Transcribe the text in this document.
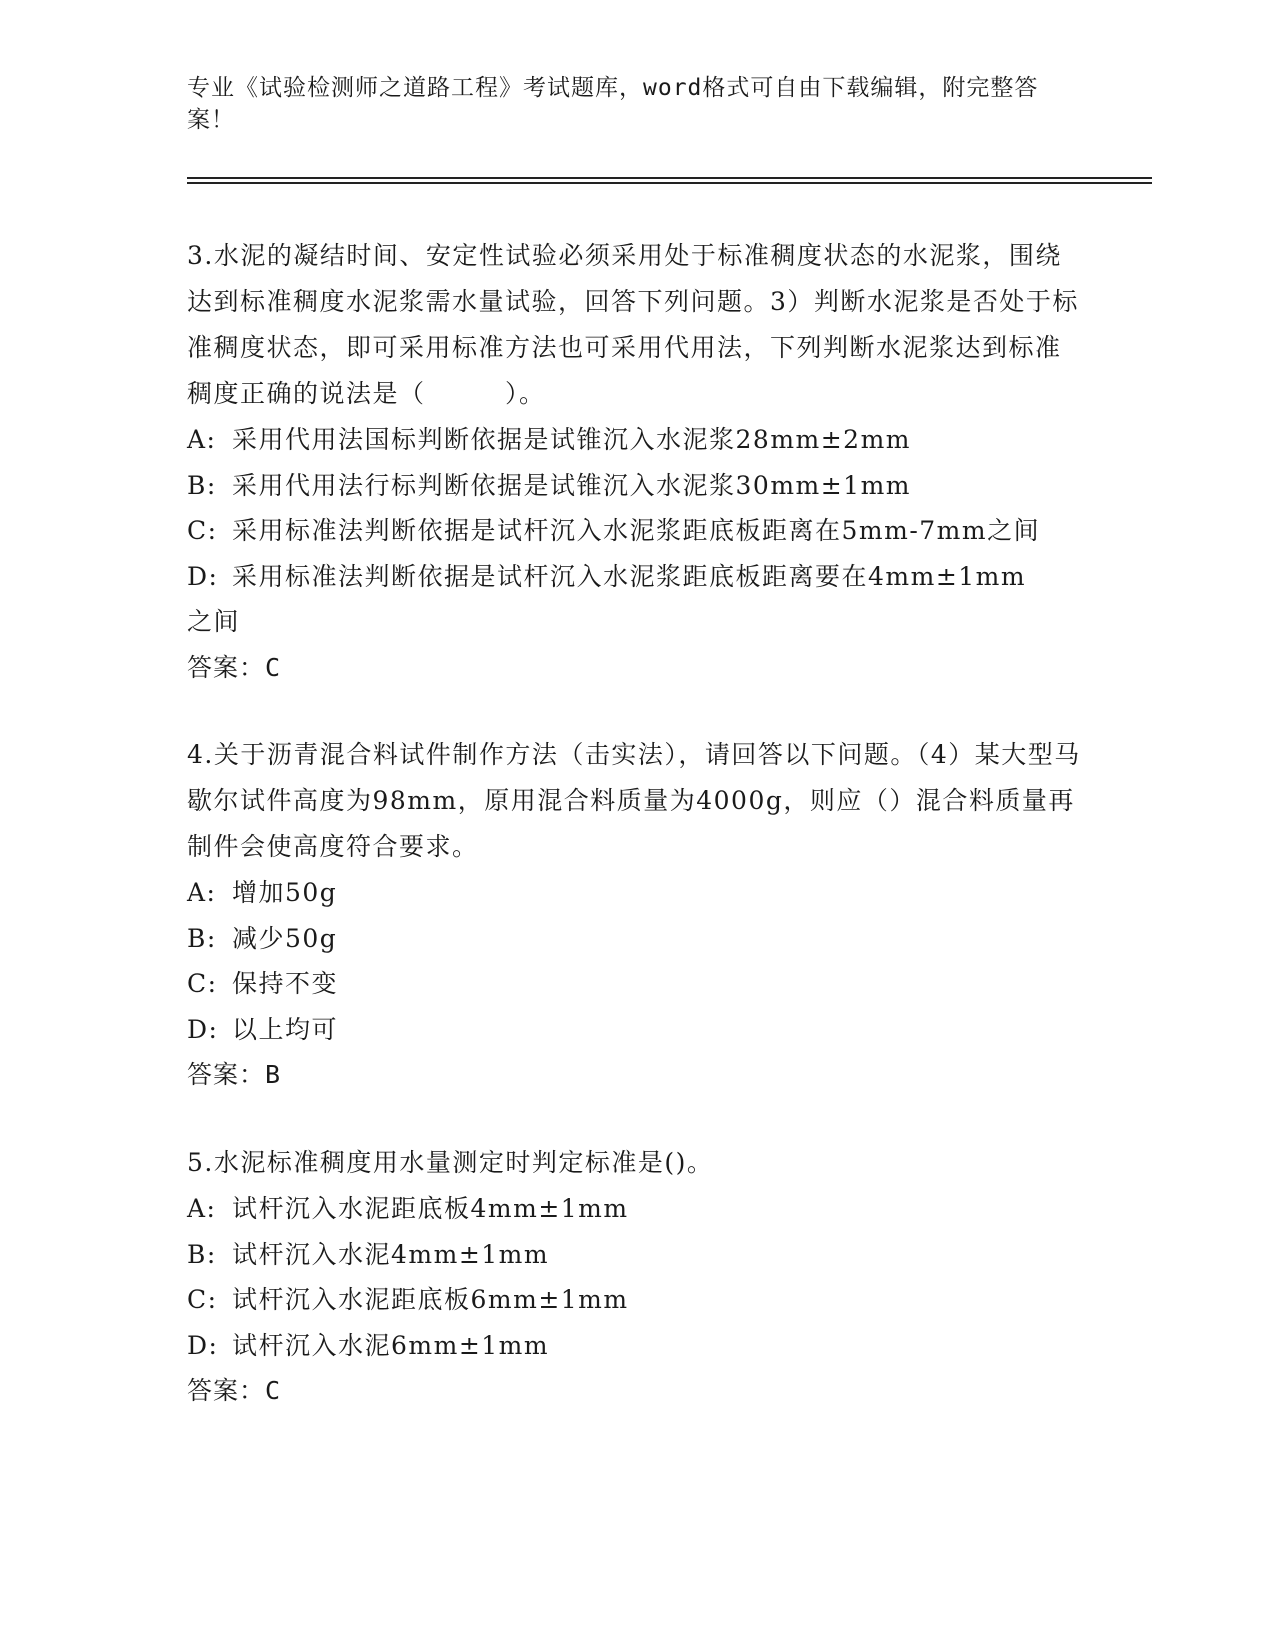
专业《试验检测师之道路工程》考试题库，word格式可自由下载编辑，附完整答案！
3.水泥的凝结时间、安定性试验必须采用处于标准稠度状态的水泥浆，围绕达到标准稠度水泥浆需水量试验，回答下列问题。3）判断水泥浆是否处于标准稠度状态，即可采用标准方法也可采用代用法，下列判断水泥浆达到标准稠度正确的说法是（　　　）。
A: 采用代用法国标判断依据是试锥沉入水泥浆28mm±2mm
B: 采用代用法行标判断依据是试锥沉入水泥浆30mm±1mm
C: 采用标准法判断依据是试杆沉入水泥浆距底板距离在5mm-7mm之间
D: 采用标准法判断依据是试杆沉入水泥浆距底板距离要在4mm±1mm
之间
答案：C
4.关于沥青混合料试件制作方法（击实法），请回答以下问题。（4）某大型马歇尔试件高度为98mm，原用混合料质量为4000g，则应（）混合料质量再制件会使高度符合要求。
A: 增加50g
B: 减少50g
C: 保持不变
D: 以上均可
答案：B
5.水泥标准稠度用水量测定时判定标准是()。
A: 试杆沉入水泥距底板4mm±1mm
B: 试杆沉入水泥4mm±1mm
C: 试杆沉入水泥距底板6mm±1mm
D: 试杆沉入水泥6mm±1mm
答案：C
